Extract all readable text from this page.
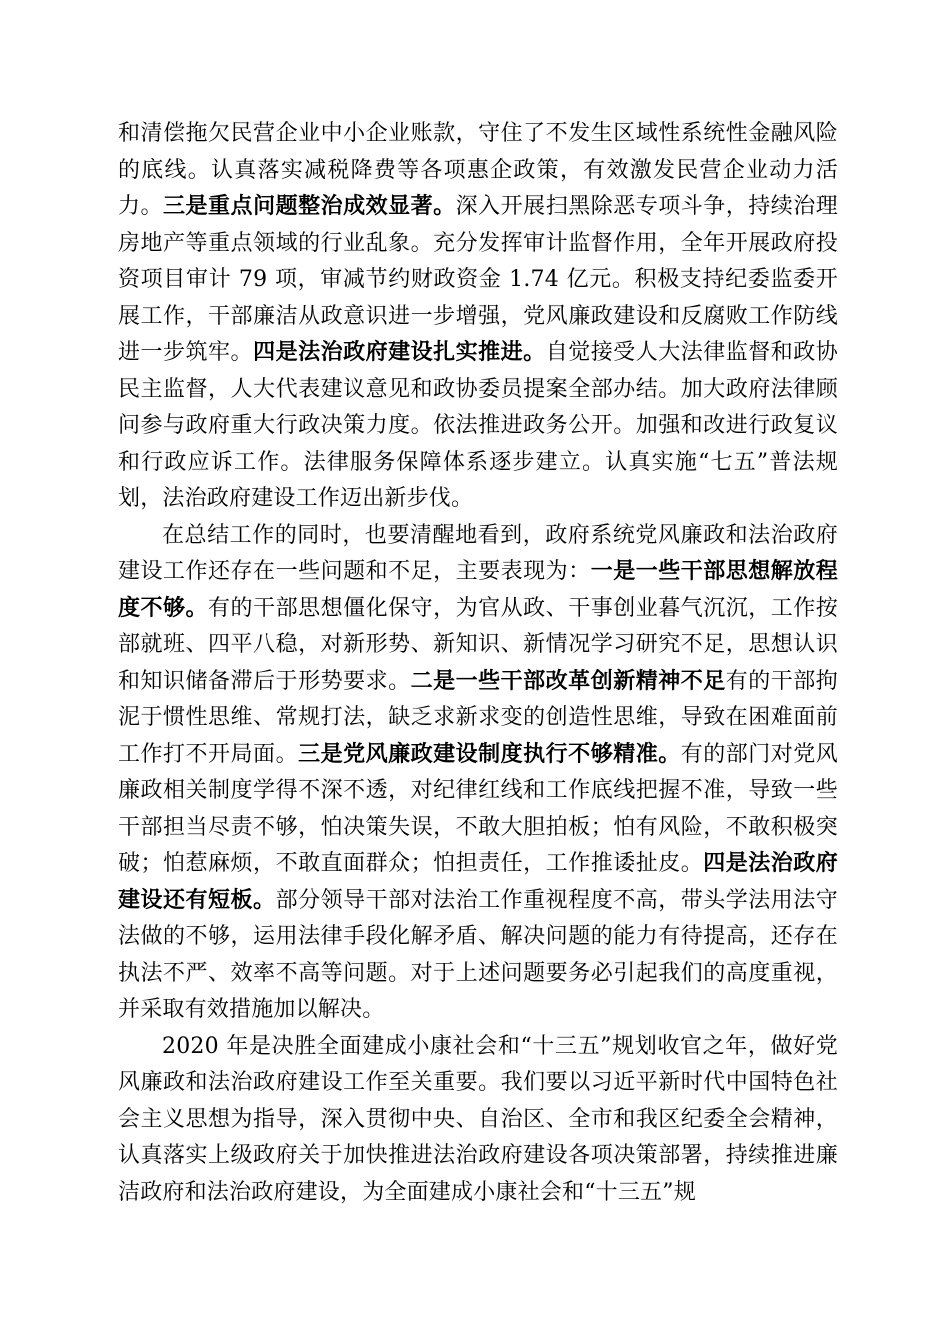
和清偿拖欠民营企业中小企业账款，守住了不发生区域性系统性金融风险的底线。认真落实减税降费等各项惠企政策，有效激发民营企业动力活力。三是重点问题整治成效显著。深入开展扫黑除恶专项斗争，持续治理房地产等重点领域的行业乱象。充分发挥审计监督作用，全年开展政府投资项目审计 79 项，审减节约财政资金 1.74 亿元。积极支持纪委监委开展工作，干部廉洁从政意识进一步增强，党风廉政建设和反腐败工作防线进一步筑牢。四是法治政府建设扎实推进。自觉接受人大法律监督和政协民主监督，人大代表建议意见和政协委员提案全部办结。加大政府法律顾问参与政府重大行政决策力度。依法推进政务公开。加强和改进行政复议和行政应诉工作。法律服务保障体系逐步建立。认真实施“七五”普法规划，法治政府建设工作迈出新步伐。

在总结工作的同时，也要清醒地看到，政府系统党风廉政和法治政府建设工作还存在一些问题和不足，主要表现为：一是一些干部思想解放程度不够。有的干部思想僵化保守，为官从政、干事创业暮气沉沉，工作按部就班、四平八稳，对新形势、新知识、新情况学习研究不足，思想认识和知识储备滞后于形势要求。二是一些干部改革创新精神不足有的干部拘泥于惯性思维、常规打法，缺乏求新求变的创造性思维，导致在困难面前工作打不开局面。三是党风廉政建设制度执行不够精准。有的部门对党风廉政相关制度学得不深不透，对纪律红线和工作底线把握不准，导致一些干部担当尽责不够，怕决策失误，不敢大胆拍板；怕有风险，不敢积极突破；怕惹麻烦，不敢直面群众；怕担责任，工作推诿扯皮。四是法治政府建设还有短板。部分领导干部对法治工作重视程度不高，带头学法用法守法做的不够，运用法律手段化解矛盾、解决问题的能力有待提高，还存在执法不严、效率不高等问题。对于上述问题要务必引起我们的高度重视，并采取有效措施加以解决。

2020 年是决胜全面建成小康社会和“十三五”规划收官之年，做好党风廉政和法治政府建设工作至关重要。我们要以习近平新时代中国特色社会主义思想为指导，深入贯彻中央、自治区、全市和我区纪委全会精神，认真落实上级政府关于加快推进法治政府建设各项决策部署，持续推进廉洁政府和法治政府建设，为全面建成小康社会和“十三五”规
